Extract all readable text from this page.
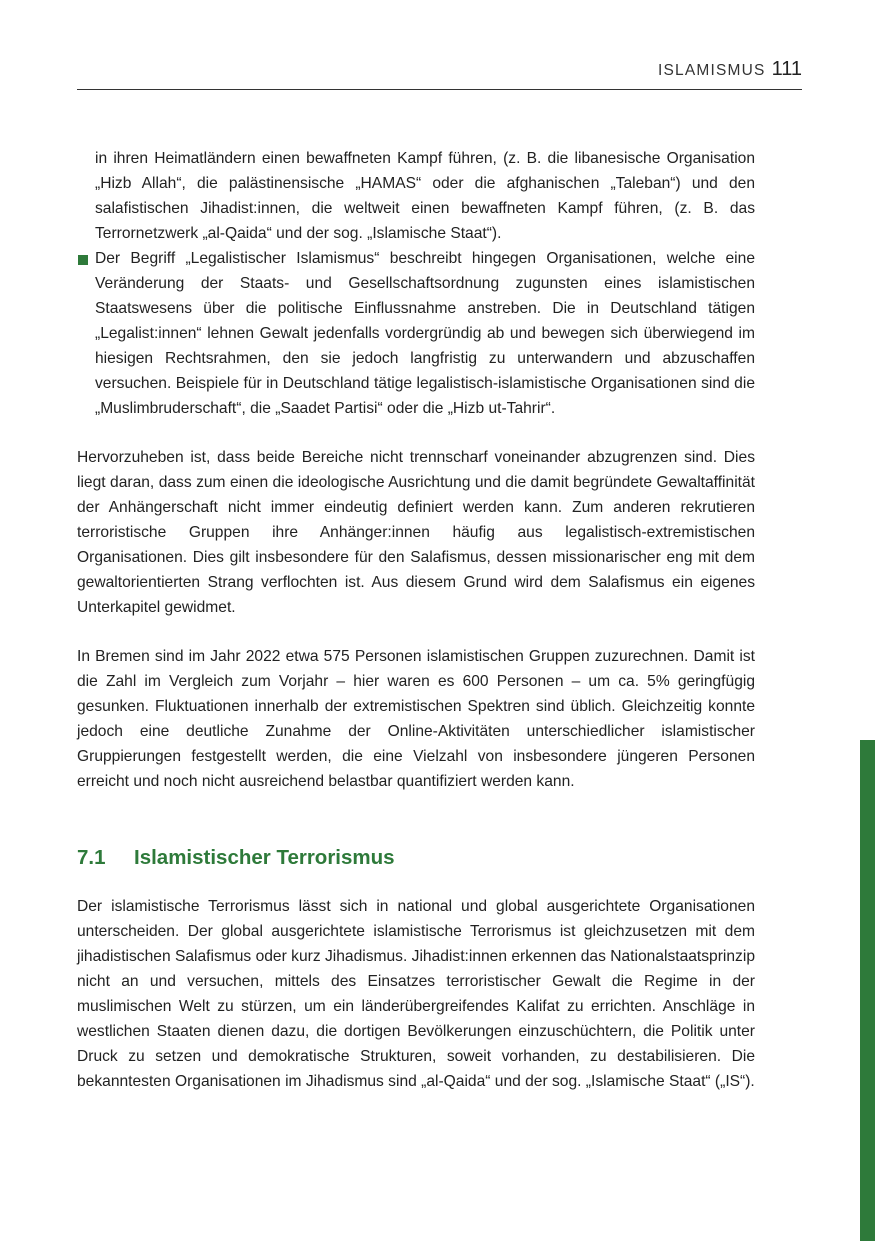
ISLAMISMUS 111

in ihren Heimatländern einen bewaffneten Kampf führen, (z. B. die libanesische Organisation „Hizb Allah“, die palästinensische „HAMAS“ oder die afghanischen „Taleban“) und den salafistischen Jihadist:innen, die weltweit einen bewaffneten Kampf führen, (z. B. das Terrornetzwerk „al-Qaida“ und der sog. „Islamische Staat“).

Der Begriff „Legalistischer Islamismus“ beschreibt hingegen Organisationen, welche eine Veränderung der Staats- und Gesellschaftsordnung zugunsten eines islamistischen Staatswesens über die politische Einflussnahme anstreben. Die in Deutschland tätigen „Legalist:innen“ lehnen Gewalt jedenfalls vordergründig ab und bewegen sich überwiegend im hiesigen Rechtsrahmen, den sie jedoch langfristig zu unterwandern und abzuschaffen versuchen. Beispiele für in Deutschland tätige legalistisch-islamistische Organisationen sind die „Muslimbruderschaft“, die „Saadet Partisi“ oder die „Hizb ut-Tahrir“.

Hervorzuheben ist, dass beide Bereiche nicht trennscharf voneinander abzugrenzen sind. Dies liegt daran, dass zum einen die ideologische Ausrichtung und die damit begründete Gewaltaffinität der Anhängerschaft nicht immer eindeutig definiert werden kann. Zum anderen rekrutieren terroristische Gruppen ihre Anhänger:innen häufig aus legalistisch-extremistischen Organisationen. Dies gilt insbesondere für den Salafismus, dessen missionarischer eng mit dem gewaltorientierten Strang verflochten ist. Aus diesem Grund wird dem Salafismus ein eigenes Unterkapitel gewidmet.

In Bremen sind im Jahr 2022 etwa 575 Personen islamistischen Gruppen zuzurechnen. Damit ist die Zahl im Vergleich zum Vorjahr – hier waren es 600 Personen – um ca. 5% geringfügig gesunken. Fluktuationen innerhalb der extremistischen Spektren sind üblich. Gleichzeitig konnte jedoch eine deutliche Zunahme der Online-Aktivitäten unterschiedlicher islamistischer Gruppierungen festgestellt werden, die eine Vielzahl von insbesondere jüngeren Personen erreicht und noch nicht ausreichend belastbar quantifiziert werden kann.

7.1 Islamistischer Terrorismus

Der islamistische Terrorismus lässt sich in national und global ausgerichtete Organisationen unterscheiden. Der global ausgerichtete islamistische Terrorismus ist gleichzusetzen mit dem jihadistischen Salafismus oder kurz Jihadismus. Jihadist:innen erkennen das Nationalstaatsprinzip nicht an und versuchen, mittels des Einsatzes terroristischer Gewalt die Regime in der muslimischen Welt zu stürzen, um ein länderübergreifendes Kalifat zu errichten. Anschläge in westlichen Staaten dienen dazu, die dortigen Bevölkerungen einzuschüchtern, die Politik unter Druck zu setzen und demokratische Strukturen, soweit vorhanden, zu destabilisieren. Die bekanntesten Organisationen im Jihadismus sind „al-Qaida“ und der sog. „Islamische Staat“ („IS“).
